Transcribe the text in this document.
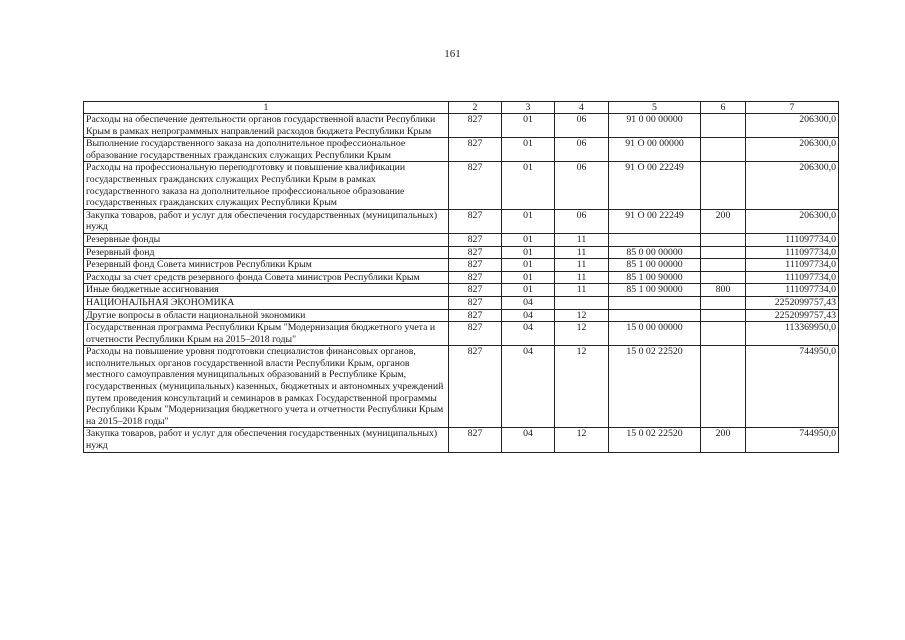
161
1	2	3	4	5	6	7
Расходы на обеспечение деятельности органов государственной власти Республики Крым в рамках непрограммных направлений расходов бюджета Республики Крым	827	01	06	91 0 00 00000		206300,0
Выполнение государственного заказа на дополнительное профессиональное образование государственных гражданских служащих Республики Крым	827	01	06	91 О 00 00000		206300,0
Расходы на профессиональную переподготовку и повышение квалификации государственных гражданских служащих Республики Крым в рамках государственного заказа на дополнительное профессиональное образование государственных гражданских служащих Республики Крым	827	01	06	91 О 00 22249		206300,0
Закупка товаров, работ и услуг для обеспечения государственных (муниципальных) нужд	827	01	06	91 О 00 22249	200	206300,0
Резервные фонды	827	01	11			111097734,0
Резервный фонд	827	01	11	85 0 00 00000		111097734,0
Резервный фонд Совета министров Республики Крым	827	01	11	85 1 00 00000		111097734,0
Расходы за счет средств резервного фонда Совета министров Республики Крым	827	01	11	85 1 00 90000		111097734,0
Иные бюджетные ассигнования	827	01	11	85 1 00 90000	800	111097734,0
НАЦИОНАЛЬНАЯ ЭКОНОМИКА	827	04				2252099757,43
Другие вопросы в области национальной экономики	827	04	12			2252099757,43
Государственная программа Республики Крым "Модернизация бюджетного учета и отчетности Республики Крым на 2015–2018 годы"	827	04	12	15 0 00 00000		113369950,0
Расходы на повышение уровня подготовки специалистов финансовых органов, исполнительных органов государственной власти Республики Крым, органов местного самоуправления муниципальных образований в Республике Крым, государственных (муниципальных) казенных, бюджетных и автономных учреждений путем проведения консультаций и семинаров в рамках Государственной программы Республики Крым "Модернизация бюджетного учета и отчетности Республики Крым на 2015–2018 годы"	827	04	12	15 0 02 22520		744950,0
Закупка товаров, работ и услуг для обеспечения государственных (муниципальных) нужд	827	04	12	15 0 02 22520	200	744950,0
